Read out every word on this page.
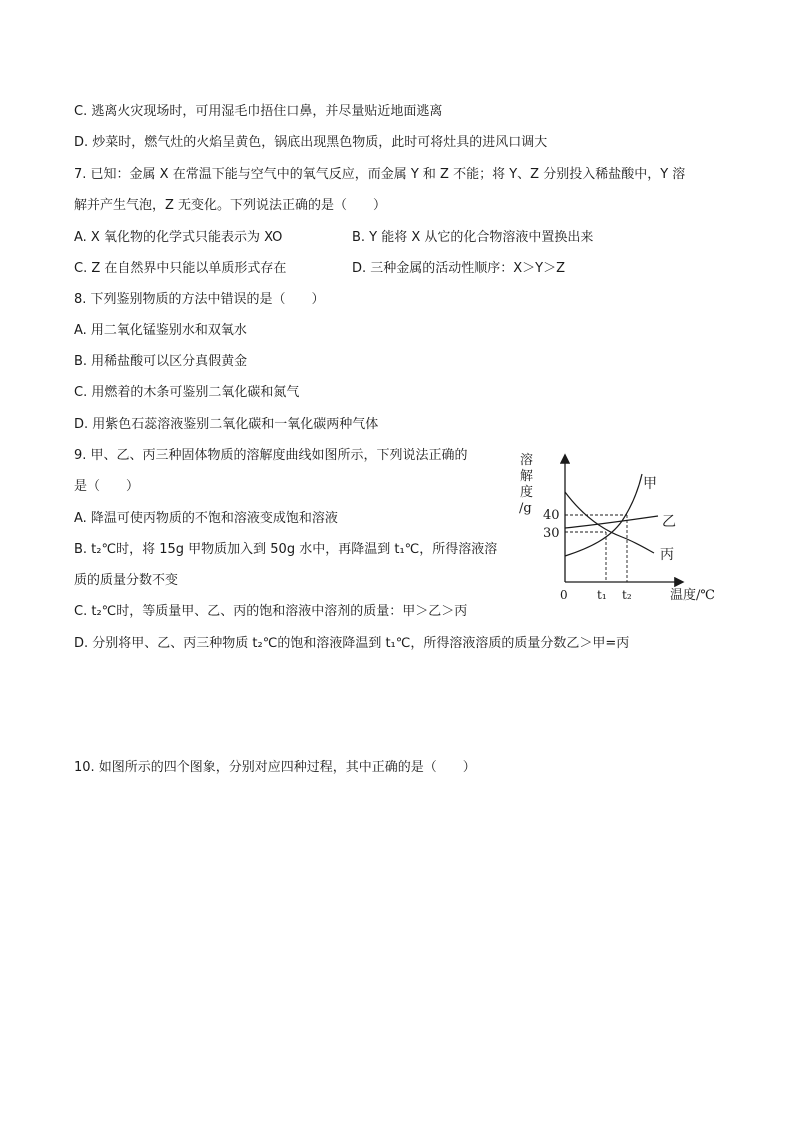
C. 逃离火灾现场时，可用湿毛巾捂住口鼻，并尽量贴近地面逃离
D. 炒菜时，燃气灶的火焰呈黄色，锅底出现黑色物质，此时可将灶具的进风口调大
7. 已知：金属 X 在常温下能与空气中的氧气反应，而金属 Y 和 Z 不能；将 Y、Z 分别投入稀盐酸中，Y 溶
解并产生气泡，Z 无变化。下列说法正确的是（　　）
A. X 氧化物的化学式只能表示为 XO	B. Y 能将 X 从它的化合物溶液中置换出来
C. Z 在自然界中只能以单质形式存在	D. 三种金属的活动性顺序：X＞Y＞Z
8. 下列鉴别物质的方法中错误的是（　　）
A. 用二氧化锰鉴别水和双氧水
B. 用稀盐酸可以区分真假黄金
C. 用燃着的木条可鉴别二氧化碳和氮气
D. 用紫色石蕊溶液鉴别二氧化碳和一氧化碳两种气体
9. 甲、乙、丙三种固体物质的溶解度曲线如图所示，下列说法正确的
是（　　）
A. 降温可使丙物质的不饱和溶液变成饱和溶液
B. t₂℃时，将 15g 甲物质加入到 50g 水中，再降温到 t₁℃，所得溶液溶
质的质量分数不变
C. t₂℃时，等质量甲、乙、丙的饱和溶液中溶剂的质量：甲＞乙＞丙
D. 分别将甲、乙、丙三种物质 t₂℃的饱和溶液降温到 t₁℃，所得溶液溶质的质量分数乙＞甲=丙
10. 如图所示的四个图象，分别对应四种过程，其中正确的是（　　）
溶
解
度
/g 40
30
0 t₁ t₂	温度/℃
甲
乙
丙
